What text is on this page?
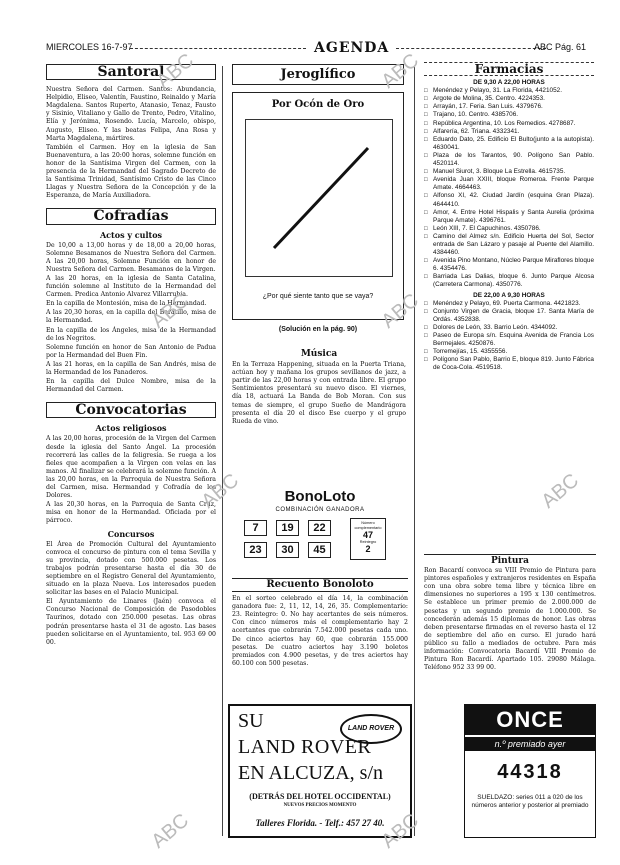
MIERCOLES 16-7-97	AGENDA	ABC Pág. 61
Santoral

Nuestra Señora del Carmen. Santos: Abundancia, Helpidio, Eliseo, Valentín, Faustino, Reinaldo y María Magdalena. Santos Ruperto, Atanasio, Tenaz, Fausto y Sisinio, Vitaliano y Gallo de Trento, Pedro, Vitalino, Elía y Jerónima, Rosendo. Lucía, Marcelo, obispo, Augusto, Eliseo. Y las beatas Felipa, Ana Rosa y Marta Magdalena, mártires.

También el Carmen. Hoy en la iglesia de San Buenaventura, a las 20:00 horas, solemne función en honor de la Santísima Virgen del Carmen, con la presencia de la Hermandad del Sagrado Decreto de la Santísima Trinidad, Santísimo Cristo de las Cinco Llagas y Nuestra Señora de la Concepción y de la Esperanza, de María Auxiliadora.

Cofradías
Actos y cultos

De 10,00 a 13,00 horas y de 18,00 a 20,00 horas, Solemne Besamanos de Nuestra Señora del Carmen. A las 20,00 horas, Solemne Función en honor de Nuestra Señora del Carmen. Besamanos de la Virgen.

A las 20 horas, en la iglesia de Santa Catalina, función solemne al Instituto de la Hermandad del Carmen. Predica Antonio Alvarez Villarrubia.

En la capilla de Montesión, misa de la Hermandad.

A las 20,30 horas, en la capilla del Baratillo, misa de la Hermandad.

En la capilla de los Ángeles, misa de la Hermandad de los Negritos.

Solemne función en honor de San Antonio de Padua por la Hermandad del Buen Fin.

A las 21 horas, en la capilla de San Andrés, misa de la Hermandad de los Panaderos.

En la capilla del Dulce Nombre, misa de la Hermandad del Carmen.

Convocatorias
Actos religiosos

A las 20,00 horas, procesión de la Virgen del Carmen desde la iglesia del Santo Ángel. La procesión recorrerá las calles de la feligresía. Se ruega a los fieles que acompañen a la Virgen con velas en las manos. Al finalizar se celebrará la solemne función. A las 20,00 horas, en la Parroquia de Nuestra Señora del Carmen, misa. Hermandad y Cofradía de los Dolores.

A las 20,30 horas, en la Parroquia de Santa Cruz, misa en honor de la Hermandad. Oficiada por el párroco.

Concursos

El Área de Promoción Cultural del Ayuntamiento convoca el concurso de pintura con el tema Sevilla y su provincia, dotado con 500.000 pesetas. Los trabajos podrán presentarse hasta el día 30 de septiembre en el Registro General del Ayuntamiento, situado en la plaza Nueva. Los interesados pueden solicitar las bases en el Palacio Municipal.

El Ayuntamiento de Linares (Jaén) convoca el Concurso Nacional de Composición de Pasodobles Taurinos, dotado con 250.000 pesetas. Las obras podrán presentarse hasta el 31 de agosto. Las bases pueden solicitarse en el Ayuntamiento, tel. 953 69 00 00.

Jeroglífico
Por Ocón de Oro
¿Por qué siente tanto que se vaya?
(Solución en la pág. 90)
Música

En la Terraza Happening, situada en la Puerta Triana, actúan hoy y mañana los grupos sevillanos de jazz, a partir de las 22,00 horas y con entrada libre. El grupo Sentimientos presentará su nuevo disco. El viernes, día 18, actuará La Banda de Bob Moran. Con sus temas de siempre, el grupo Sueño de Mandrágora presenta el día 20 el disco Ese cuerpo y el grupo Rueda de vino.

BonoLoto
COMBINACIÓN GANADORA
7	19	22
23	30	45
Número complementario
47
Reintegro
2
Recuento Bonoloto

En el sorteo celebrado el día 14, la combinación ganadora fue: 2, 11, 12, 14, 26, 35. Complementario: 23. Reintegro: 0. No hay acertantes de seis números. Con cinco números más el complementario hay 2 acertantes que cobrarán 7.542.000 pesetas cada uno. De cinco aciertos hay 60, que cobrarán 155.000 pesetas. De cuatro aciertos hay 3.190 boletos premiados con 4.900 pesetas, y de tres aciertos hay 60.100 con 500 pesetas.

Farmacias
DE 9,30 A 22,00 HORAS

□ Menéndez y Pelayo, 31. La Florida, 4421052.

□ Argote de Molina, 35. Centro. 4224353.

□ Arrayán, 17. Feria. San Luis. 4379676.

□ Trajano, 10. Centro. 4385706.

□ República Argentina, 10. Los Remedios. 4278687.

□ Alfarería, 62. Triana. 4332341.

□ Eduardo Dato, 25. Edificio El Bulto(junto a la autopista). 4630041.

□ Plaza de los Tarantos, 90. Polígono San Pablo. 4520114.

□ Manuel Siurot, 3. Bloque La Estrella. 4615735.

□ Avenida Juan XXIII, bloque Romeroa. Frente Parque Amate. 4664463.

□ Alfonso XI, 42. Ciudad Jardín (esquina Gran Plaza). 4644410.

□ Amor, 4. Entre Hotel Hispalis y Santa Aurelia (próxima Parque Amate). 4396761.

□ León XIII, 7. El Capuchinos. 4350786.

□ Camino del Almez s/n. Edificio Huerta del Sol, Sector entrada de San Lázaro y pasaje al Puente del Alamillo. 4384460.

□ Avenida Pino Montano, Núcleo Parque Miraflores bloque 6. 4354476.

□ Barriada Las Dalias, bloque 6. Junto Parque Alcosa (Carretera Carmona). 4350776.

DE 22,00 A 9,30 HORAS

□ Menéndez y Pelayo, 69. Puerta Carmona. 4421823.

□ Conjunto Virgen de Gracia, bloque 17. Santa María de Ordás. 4352838.

□ Dolores de León, 33. Barrio León. 4344092.

□ Paseo de Europa s/n. Esquina Avenida de Francia Los Bermejales. 4250876.

□ Torremejías, 15. 4355556.

□ Polígono San Pablo, Barrio E, bloque 819. Junto Fábrica de Coca-Cola. 4519518.

Pintura

Ron Bacardí convoca su VIII Premio de Pintura para pintores españoles y extranjeros residentes en España con una obra sobre tema libre y técnica libre en dimensiones no superiores a 195 x 130 centímetros. Se establece un primer premio de 2.000.000 de pesetas y un segundo premio de 1.000.000. Se concederán además 15 diplomas de honor. Las obras deben presentarse firmadas en el reverso hasta el 12 de septiembre del año en curso. El jurado hará público su fallo a mediados de octubre. Para más información: Convocatoria Bacardí VIII Premio de Pintura Ron Bacardí. Apartado 105. 29080 Málaga. Teléfono 952 33 99 00.

LAND ROVER
SU
LAND ROVER
EN ALCUZA, s/n
(DETRÁS DEL HOTEL OCCIDENTAL)
NUEVOS PRECIOS MOMENTO
Talleres Florida. - Telf.: 457 27 40.
ONCE
n.º premiado ayer
44318
SUELDAZO: series 011 a 020 de los números anterior y posterior al premiado
ABC	ABC
ABC	ABC
ABC	ABC
ABC	ABC
